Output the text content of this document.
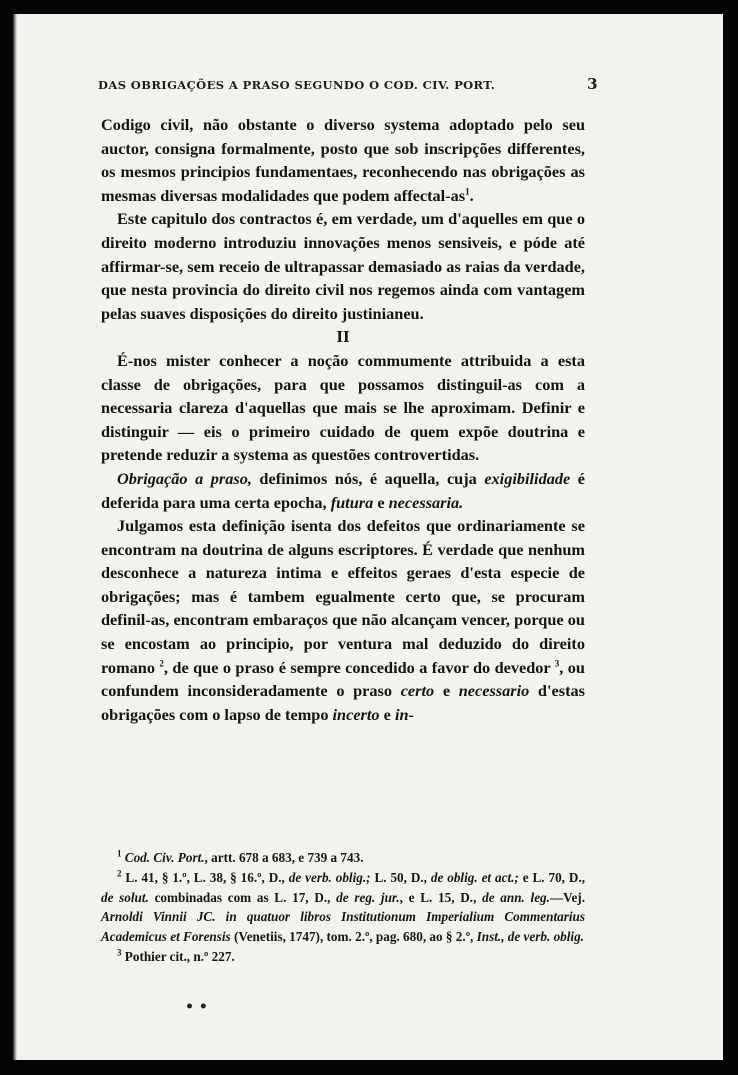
DAS OBRIGAÇÕES A PRASO SEGUNDO O COD. CIV. PORT.	3

Codigo civil, não obstante o diverso systema adoptado pelo seu auctor, consigna formalmente, posto que sob inscripções differentes, os mesmos principios fundamentaes, reconhecendo nas obrigações as mesmas diversas modalidades que podem affectal-$as^1$.

Este capitulo dos contractos é, em verdade, um d'aquelles em que o direito moderno introduziu innovações menos sensiveis, e póde até affirmar-se, sem receio de ultrapassar demasiado as raias da verdade, que nesta provincia do direito civil nos regemos ainda com vantagem pelas suaves disposições do direito justinianeu.

II

É-nos mister conhecer a noção commumente attribuida a esta classe de obrigações, para que possamos distinguil-as com a necessaria clareza d'aquellas que mais se lhe aproximam. Definir e distinguir — eis o primeiro cuidado de quem expõe doutrina e pretende reduzir a systema as questões controvertidas.

Obrigação a praso, definimos nós, é aquella, cuja exigibilidade é deferida para uma certa epocha, futura e necessaria.

Julgamos esta definição isenta dos defeitos que ordinariamente se encontram na doutrina de alguns escriptores. É verdade que nenhum desconhece a natureza intima e effeitos geraes d'esta especie de obrigações; mas é tambem egualmente certo que, se procuram definil-as, encontram embaraços que não alcançam vencer, porque ou se encostam ao principio, por ventura mal deduzido do direito romano $^2$, de que o praso é sempre concedido a favor do devedor $^3$, ou confundem inconsideradamente o praso certo e necessario d'estas obrigações com o lapso de tempo incerto e in-

$^1$ Cod. Civ. Port., artt. 678 a 683, e 739 a 743.

$^2$ L. 41, § 1.º, L. 38, § 16.º, D., de verb. oblig.; L. 50, D., de oblig. et act.; e L. 70, D., de solut. combinadas com as L. 17, D., de reg. jur., e L. 15, D., de ann. leg.—Vej. Arnoldi Vinnii JC. in quatuor libros Institutionum Imperialium Commentarius Academicus et Forensis (Venetiis, 1747), tom. 2.º, pag. 680, ao § 2.º, Inst., de verb. oblig.

$^3$ Pothier cit., n.º 227.

• •
